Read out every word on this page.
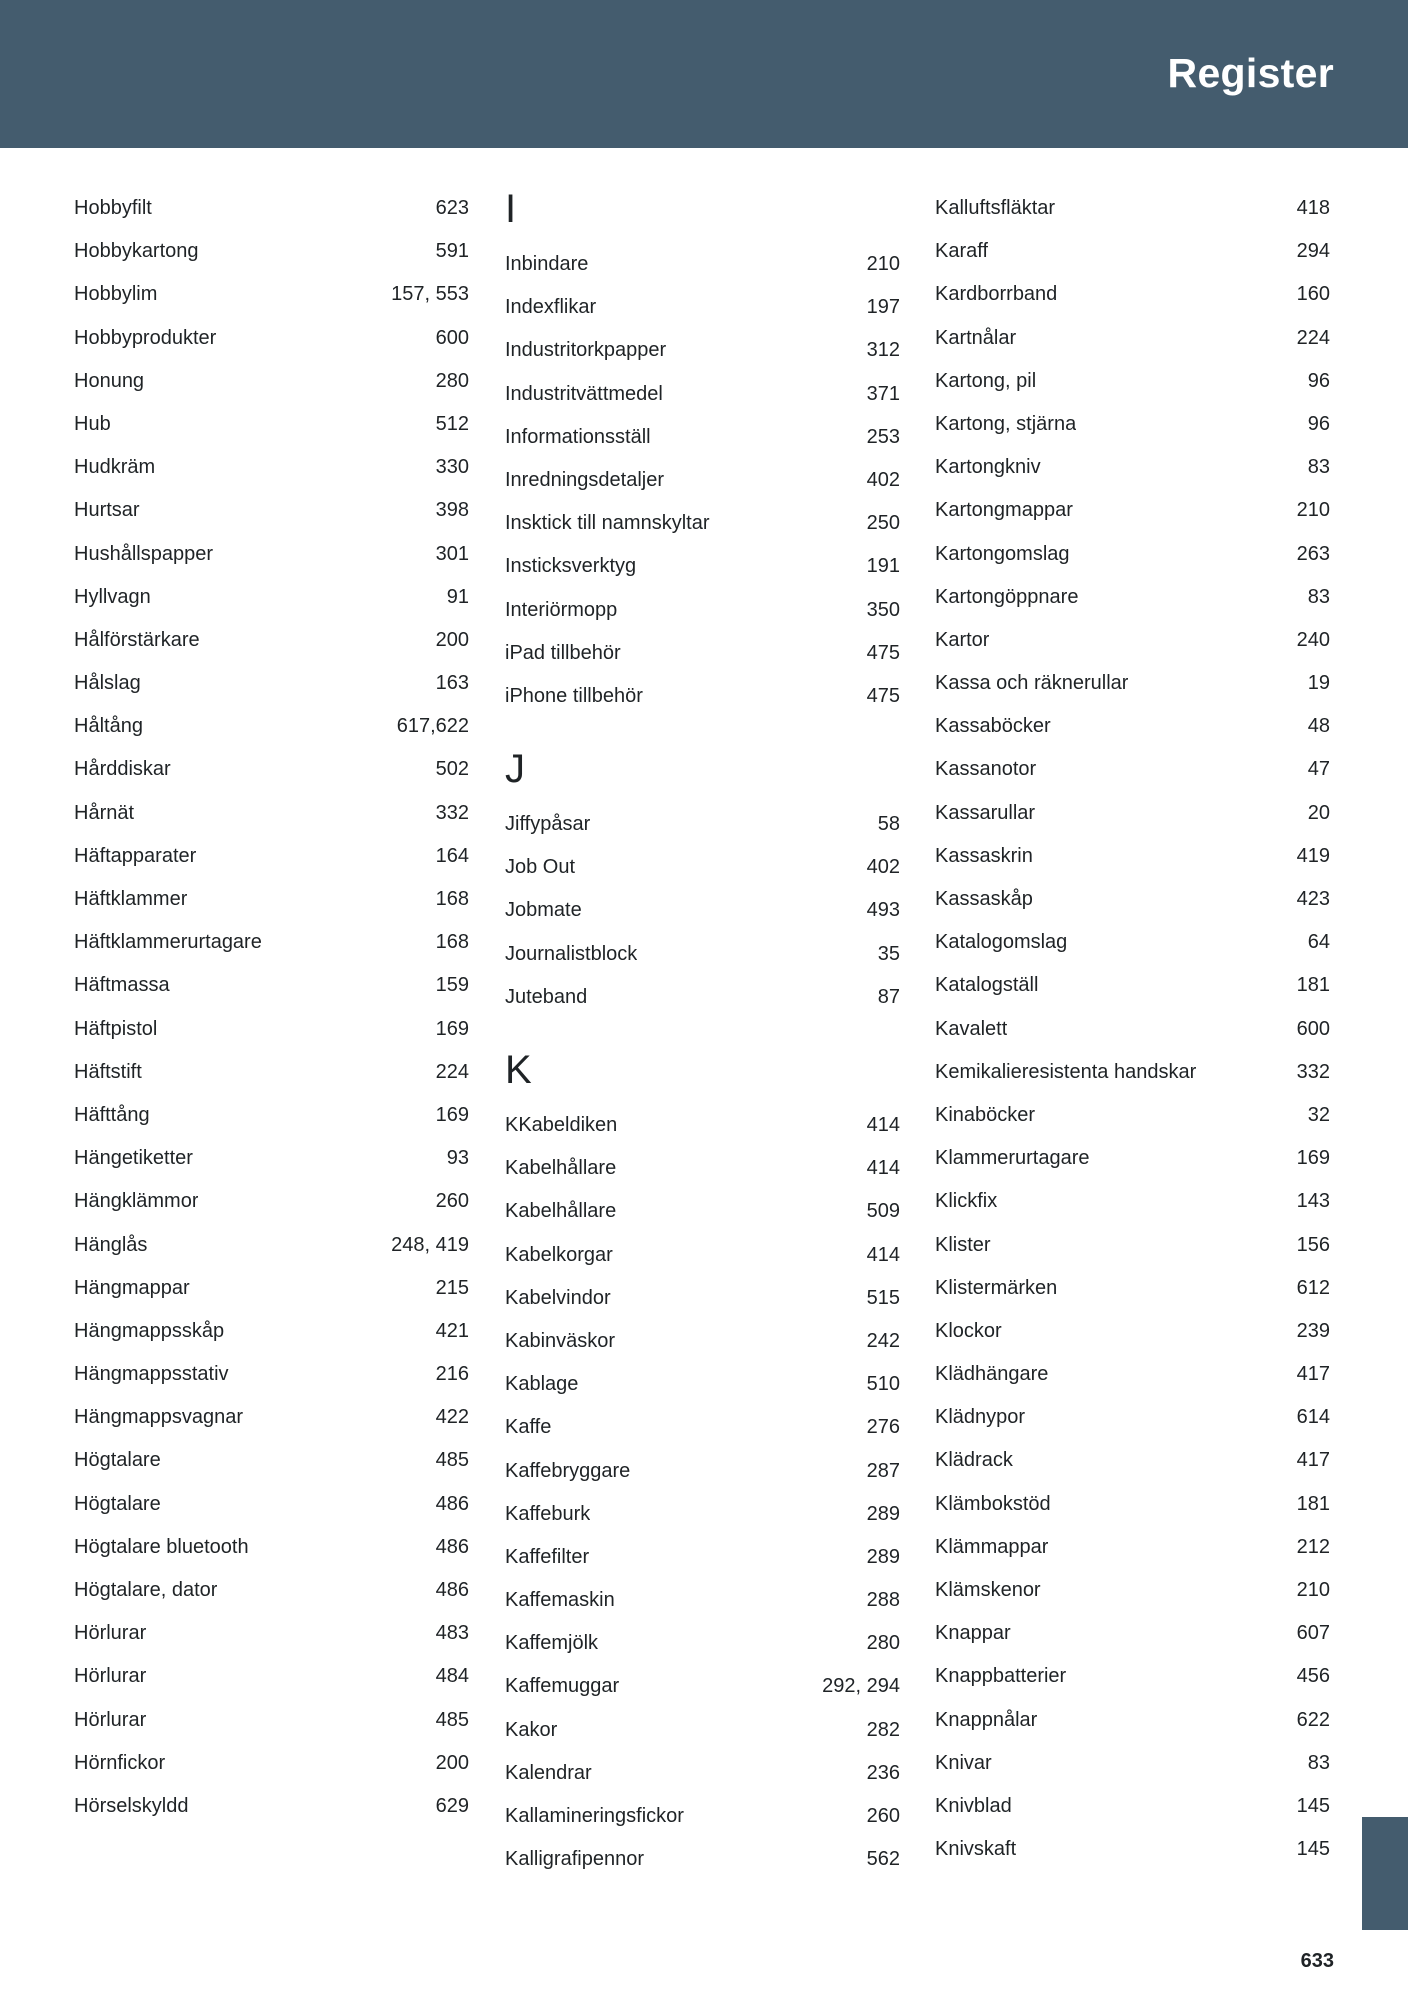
Register
Hobbyfilt	623
Hobbykartong	591
Hobbylim	157, 553
Hobbyprodukter	600
Honung	280
Hub	512
Hudkräm	330
Hurtsar	398
Hushållspapper	301
Hyllvagn	91
Hålförstärkare	200
Hålslag	163
Håltång	617,622
Hårddiskar	502
Hårnät	332
Häftapparater	164
Häftklammer	168
Häftklammerurtagare	168
Häftmassa	159
Häftpistol	169
Häftstift	224
Häfttång	169
Hängetiketter	93
Hängklämmor	260
Hänglås	248, 419
Hängmappar	215
Hängmappsskåp	421
Hängmappsstativ	216
Hängmappsvagnar	422
Högtalare	485
Högtalare	486
Högtalare bluetooth	486
Högtalare, dator	486
Hörlurar	483
Hörlurar	484
Hörlurar	485
Hörnfickor	200
Hörselskyldd	629
I
Inbindare	210
Indexflikar	197
Industritorkpapper	312
Industritvättmedel	371
Informationsställ	253
Inredningsdetaljer	402
Insktick till namnskyltar	250
Insticksverktyg	191
Interiörmopp	350
iPad tillbehör	475
iPhone tillbehör	475
J
Jiffypåsar	58
Job Out	402
Jobmate	493
Journalistblock	35
Juteband	87
K
KKabeldiken	414
Kabelhållare	414
Kabelhållare	509
Kabelkorgar	414
Kabelvindor	515
Kabinväskor	242
Kablage	510
Kaffe	276
Kaffebryggare	287
Kaffeburk	289
Kaffefilter	289
Kaffemaskin	288
Kaffemjölk	280
Kaffemuggar	292, 294
Kakor	282
Kalendrar	236
Kallamineringsfickor	260
Kalligrafipennor	562
Kalluftsfläktar	418
Karaff	294
Kardborrband	160
Kartnålar	224
Kartong, pil	96
Kartong, stjärna	96
Kartongkniv	83
Kartongmappar	210
Kartongomslag	263
Kartongöppnare	83
Kartor	240
Kassa och räknerullar	19
Kassaböcker	48
Kassanotor	47
Kassarullar	20
Kassaskrin	419
Kassaskåp	423
Katalogomslag	64
Katalogställ	181
Kavalett	600
Kemikalieresistenta handskar	332
Kinaböcker	32
Klammerurtagare	169
Klickfix	143
Klister	156
Klistermärken	612
Klockor	239
Klädhängare	417
Klädnypor	614
Klädrack	417
Klämbokstöd	181
Klämmappar	212
Klämskenor	210
Knappar	607
Knappbatterier	456
Knappnålar	622
Knivar	83
Knivblad	145
Knivskaft	145
633
